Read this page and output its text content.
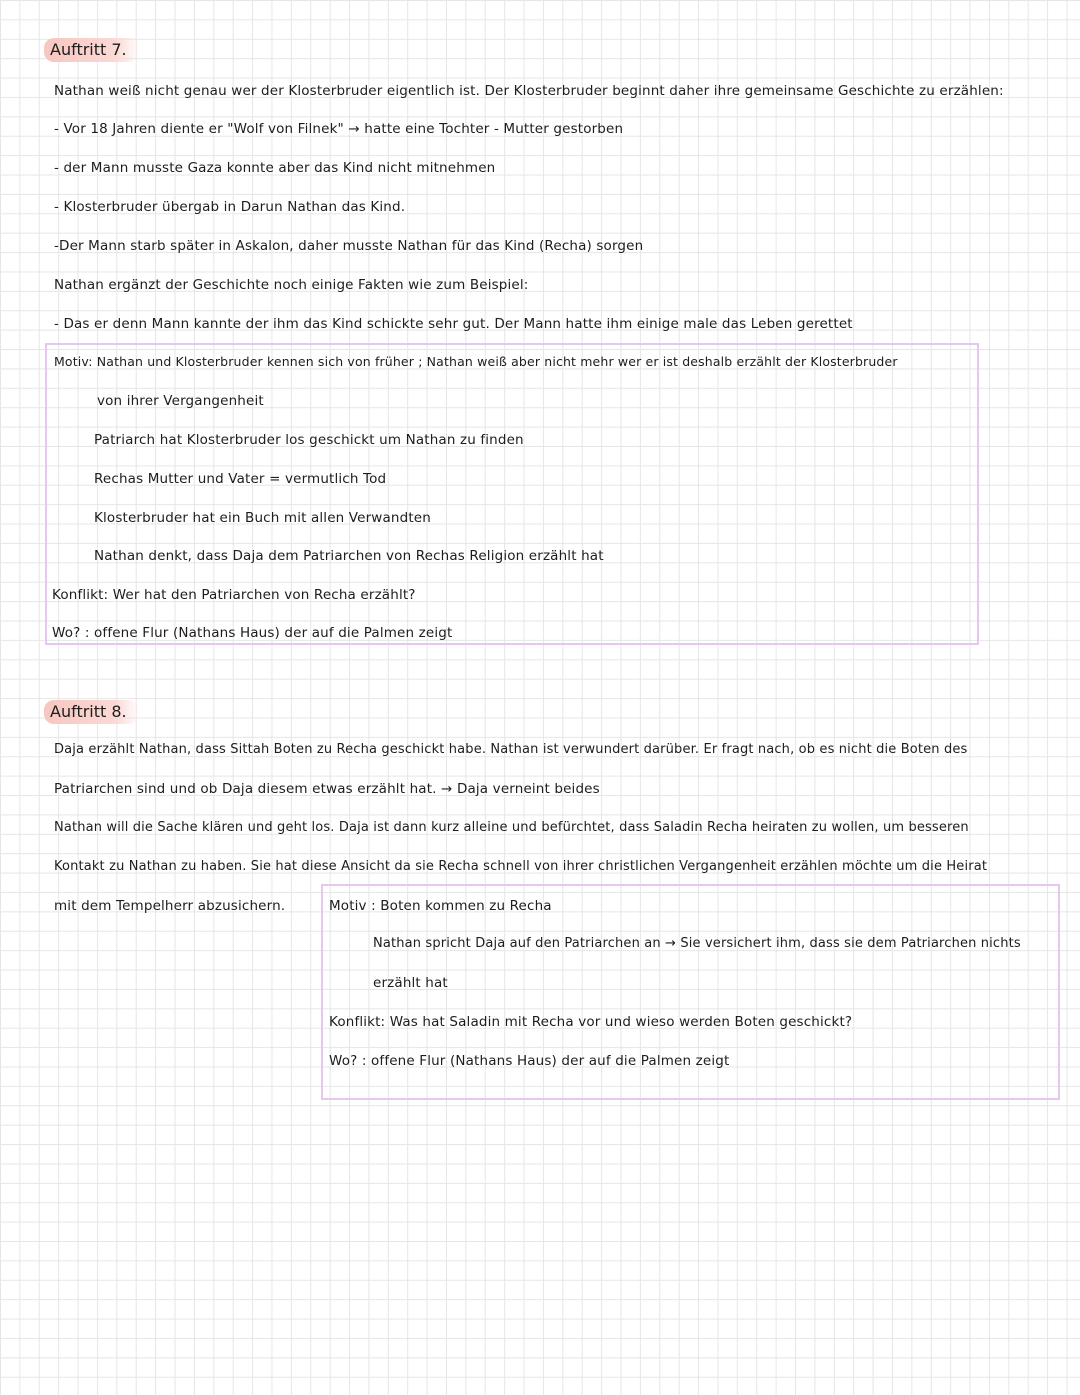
Auftritt 7.
Nathan weiß nicht genau wer der Klosterbruder eigentlich ist. Der Klosterbruder beginnt daher ihre gemeinsame Geschichte zu erzählen:
- Vor 18 Jahren diente er "Wolf von Filnek" → hatte eine Tochter - Mutter gestorben
- der Mann musste Gaza konnte aber das Kind nicht mitnehmen
- Klosterbruder übergab in Darun Nathan das Kind.
-Der Mann starb später in Askalon, daher musste Nathan für das Kind (Recha) sorgen
Nathan ergänzt der Geschichte noch einige Fakten wie zum Beispiel:
- Das er denn Mann kannte der ihm das Kind schickte sehr gut. Der Mann hatte ihm einige male das Leben gerettet
Motiv: Nathan und Klosterbruder kennen sich von früher ; Nathan weiß aber nicht mehr wer er ist deshalb erzählt der Klosterbruder
von ihrer Vergangenheit
Patriarch hat Klosterbruder los geschickt um Nathan zu finden
Rechas Mutter und Vater = vermutlich Tod
Klosterbruder hat ein Buch mit allen Verwandten
Nathan denkt, dass Daja dem Patriarchen von Rechas Religion erzählt hat
Konflikt: Wer hat den Patriarchen von Recha erzählt?
Wo? : offene Flur (Nathans Haus) der auf die Palmen zeigt
Auftritt 8.
Daja erzählt Nathan, dass Sittah Boten zu Recha geschickt habe. Nathan ist verwundert darüber. Er fragt nach, ob es nicht die Boten des
Patriarchen sind und ob Daja diesem etwas erzählt hat. → Daja verneint beides
Nathan will die Sache klären und geht los. Daja ist dann kurz alleine und befürchtet, dass Saladin Recha heiraten zu wollen, um besseren
Kontakt zu Nathan zu haben. Sie hat diese Ansicht da sie Recha schnell von ihrer christlichen Vergangenheit erzählen möchte um die Heirat
mit dem Tempelherr abzusichern.	Motiv : Boten kommen zu Recha
Nathan spricht Daja auf den Patriarchen an → Sie versichert ihm, dass sie dem Patriarchen nichts
erzählt hat
Konflikt: Was hat Saladin mit Recha vor und wieso werden Boten geschickt?
Wo? : offene Flur (Nathans Haus) der auf die Palmen zeigt
